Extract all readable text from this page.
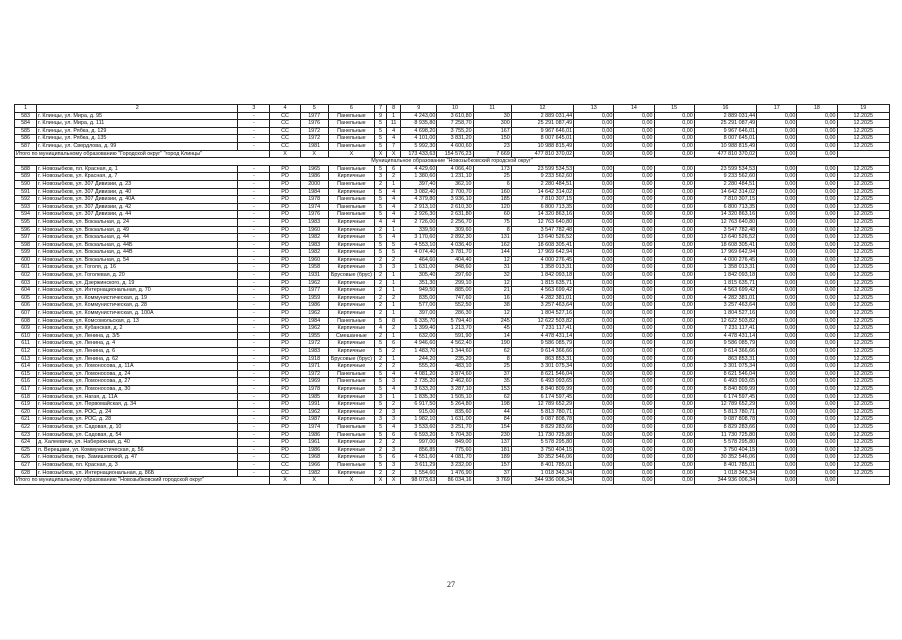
1	2	3	4	5	6	7	8	9	10	11	12	13	14	15	16	17	18	19
583	г. Клинцы, ул. Мира, д. 95	-	СС	1977	Панельные	9	1	4 243,00	3 610,80	30	2 889 031,44	0,00	0,00	0,00	2 889 031,44	0,00	0,00	12.2025
584	г. Клинцы, ул. Мира, д. 111	-	СС	1976	Панельные	5	11	8 935,80	7 258,70	300	25 291 087,49	0,00	0,00	0,00	25 291 087,49	0,00	0,00	12.2025
585	г. Клинцы, ул. Рябка, д. 129	-	СС	1972	Панельные	5	4	4 698,20	3 755,20	167	9 967 646,01	0,00	0,00	0,00	9 967 646,01	0,00	0,00	12.2025
586	г. Клинцы, ул. Рябка, д. 135	-	СС	1972	Панельные	5	4	4 101,00	3 831,20	150	8 007 645,01	0,00	0,00	0,00	8 007 645,01	0,00	0,00	12.2025
587	г. Клинцы, ул. Свердлова, д. 99	-	СС	1981	Панельные	5	7	5 992,30	4 600,60	23	10 988 815,49	0,00	0,00	0,00	10 988 815,49	0,00	0,00	12.2025
Итого по муниципальному образованию "Городской округ" "город Клинцы"			X	X	X	X	X	173 433,63	154 576,23	7 669	477 810 370,02	0,00	0,00	0,00	477 810 370,02	0,00	0,00	
Муниципальное образование "Новозыбковский городской округ"																		
588	г. Новозыбков, пл. Красная, д. 1	-	РО	1965	Панельные	5	6	4 429,60	4 066,40	173	23 599 534,53	0,00	0,00	0,00	23 599 534,53	0,00	0,00	12.2025
589	г. Новозыбков, ул. Красная, д. 7	-	РО	1986	Кирпичные	3	2	1 380,60	1 231,10	25	9 233 562,60	0,00	0,00	0,00	9 233 562,60	0,00	0,00	12.2025
590	г. Новозыбков, ул. 307 Дивизии, д. 23	-	РО	2000	Панельные	2	1	397,40	362,10	6	2 280 484,51	0,00	0,00	0,00	2 280 484,51	0,00	0,00	12.2025
591	г. Новозыбков, ул. 307 Дивизии, д. 40	-	РО	1984	Кирпичные	5	4	3 082,40	2 700,70	160	14 642 314,02	0,00	0,00	0,00	14 642 314,02	0,00	0,00	12.2025
592	г. Новозыбков, ул. 307 Дивизии, д. 40А	-	РО	1978	Панельные	5	4	4 379,80	3 936,10	185	7 810 307,15	0,00	0,00	0,00	7 810 307,15	0,00	0,00	12.2025
593	г. Новозыбков, ул. 307 Дивизии, д. 42	-	РО	1974	Панельные	5	4	2 913,10	2 610,30	120	6 800 713,35	0,00	0,00	0,00	6 800 713,35	0,00	0,00	12.2025
594	г. Новозыбков, ул. 307 Дивизии, д. 44	-	РО	1976	Панельные	5	4	2 926,30	2 631,80	60	14 320 863,16	0,00	0,00	0,00	14 320 863,16	0,00	0,00	12.2025
595	г. Новозыбков, ул. Вокзальная, д. 24	-	РО	1983	Кирпичные	4	4	2 726,00	2 256,70	75	12 763 640,80	0,00	0,00	0,00	12 763 640,80	0,00	0,00	12.2025
596	г. Новозыбков, ул. Вокзальная, д. 49	-	РО	1960	Кирпичные	2	1	339,50	309,60	8	3 547 782,48	0,00	0,00	0,00	3 547 782,48	0,00	0,00	12.2025
597	г. Новозыбков, ул. Вокзальная, д. 44	-	РО	1982	Кирпичные	5	4	3 170,60	2 892,30	131	13 640 526,52	0,00	0,00	0,00	13 640 526,52	0,00	0,00	12.2025
598	г. Новозыбков, ул. Вокзальная, д. 44Б	-	РО	1983	Кирпичные	5	5	4 553,10	4 036,40	162	18 608 305,41	0,00	0,00	0,00	18 608 305,41	0,00	0,00	12.2025
599	г. Новозыбков, ул. Вокзальная, д. 44В	-	РО	1982	Кирпичные	5	5	4 074,40	3 781,70	144	17 969 642,94	0,00	0,00	0,00	17 969 642,94	0,00	0,00	12.2025
600	г. Новозыбков, ул. Вокзальная, д. 54	-	РО	1960	Кирпичные	2	2	464,60	404,40	12	4 000 276,45	0,00	0,00	0,00	4 000 276,45	0,00	0,00	12.2025
601	г. Новозыбков, ул. Гоголя, д. 16	-	РО	1958	Кирпичные	3	3	1 631,00	848,60	31	1 358 013,31	0,00	0,00	0,00	1 358 013,31	0,00	0,00	12.2025
602	г. Новозыбков, ул. Гоголевая, д. 20	-	РО	1931	Брусовые (брус)	2	1	305,40	297,60	32	1 842 093,18	0,00	0,00	0,00	1 842 093,18	0,00	0,00	12.2025
603	г. Новозыбков, ул. Дзержинского, д. 19	-	РО	1962	Кирпичные	2	1	351,30	299,10	12	1 815 635,71	0,00	0,00	0,00	1 815 635,71	0,00	0,00	12.2025
604	г. Новозыбков, ул. Интернациональная, д. 70	-	РО	1977	Кирпичные	2	1	949,50	885,00	21	4 563 699,42	0,00	0,00	0,00	4 563 699,42	0,00	0,00	12.2025
605	г. Новозыбков, ул. Коммунистическая, д. 19	-	РО	1959	Кирпичные	2	2	835,00	747,60	16	4 282 381,01	0,00	0,00	0,00	4 282 381,01	0,00	0,00	12.2025
606	г. Новозыбков, ул. Коммунистическая, д. 28	-	РО	1986	Кирпичные	2	1	577,00	552,50	38	3 257 463,64	0,00	0,00	0,00	3 257 463,64	0,00	0,00	12.2025
607	г. Новозыбков, ул. Коммунистическая, д. 100А	-	РО	1962	Кирпичные	2	1	397,00	286,30	12	1 804 527,16	0,00	0,00	0,00	1 804 527,16	0,00	0,00	12.2025
608	г. Новозыбков, ул. Комсомольская, д. 13	-	РО	1984	Панельные	5	8	6 335,70	5 794,40	245	12 622 503,82	0,00	0,00	0,00	12 622 503,82	0,00	0,00	12.2025
609	г. Новозыбков, ул. Кубанская, д. 2	-	РО	1962	Кирпичные	4	2	1 399,40	1 213,70	45	7 231 117,41	0,00	0,00	0,00	7 231 117,41	0,00	0,00	12.2025
610	г. Новозыбков, ул. Ленина, д. 3/5	-	РО	1955	Смешанные	2	1	632,00	591,90	14	4 478 431,14	0,00	0,00	0,00	4 478 431,14	0,00	0,00	12.2025
611	г. Новозыбков, ул. Ленина, д. 4	-	РО	1972	Кирпичные	5	6	4 946,60	4 562,40	190	9 586 085,79	0,00	0,00	0,00	9 586 085,79	0,00	0,00	12.2025
612	г. Новозыбков, ул. Ленина, д. 6	-	РО	1983	Кирпичные	5	2	1 483,70	1 344,60	62	9 614 366,66	0,00	0,00	0,00	9 614 366,66	0,00	0,00	12.2025
613	г. Новозыбков, ул. Ленина, д. 62	-	РО	1918	Брусовые (брус)	2	1	244,20	235,20	8	863 853,31	0,00	0,00	0,00	863 853,31	0,00	0,00	12.2025
614	г. Новозыбков, ул. Ломоносова, д. 11А	-	РО	1971	Кирпичные	2	2	555,20	483,10	25	3 301 075,34	0,00	0,00	0,00	3 301 075,34	0,00	0,00	12.2025
615	г. Новозыбков, ул. Ломоносова, д. 24	-	РО	1972	Панельные	5	4	4 081,20	3 874,60	37	8 621 546,04	0,00	0,00	0,00	8 621 546,04	0,00	0,00	12.2025
616	г. Новозыбков, ул. Ломоносова, д. 27	-	РО	1969	Панельные	5	3	2 735,20	2 462,60	35	6 493 093,65	0,00	0,00	0,00	6 493 093,65	0,00	0,00	12.2025
617	г. Новозыбков, ул. Ломоносова, д. 30	-	РО	1978	Кирпичные	5	4	3 633,20	3 287,10	153	8 840 809,99	0,00	0,00	0,00	8 840 809,99	0,00	0,00	12.2025
618	г. Новозыбков, ул. Нагая, д. 11А	-	РО	1985	Кирпичные	3	1	1 835,30	1 505,10	62	6 174 597,45	0,00	0,00	0,00	6 174 597,45	0,00	0,00	12.2025
619	г. Новозыбков, ул. Первомайская, д. 34	-	РО	1991	Кирпичные	5	2	6 917,50	5 264,80	198	12 789 652,29	0,00	0,00	0,00	12 789 652,29	0,00	0,00	12.2025
620	г. Новозыбков, ул. РОС, д. 24	-	РО	1962	Кирпичные	2	3	915,00	835,60	44	5 813 780,71	0,00	0,00	0,00	5 813 780,71	0,00	0,00	12.2025
621	г. Новозыбков, ул. РОС, д. 28	-	РО	1987	Кирпичные	3	3	1 982,10	1 631,00	84	9 087 808,78	0,00	0,00	0,00	9 087 808,78	0,00	0,00	12.2025
622	г. Новозыбков, ул. Садовая, д. 10	-	РО	1974	Панельные	5	4	3 533,60	3 251,70	154	8 829 283,66	0,00	0,00	0,00	8 829 283,66	0,00	0,00	12.2025
623	г. Новозыбков, ул. Садовая, д. 54	-	РО	1986	Панельные	5	6	6 593,20	5 704,30	230	11 730 725,80	0,00	0,00	0,00	11 730 725,80	0,00	0,00	12.2025
624	д. Халеевичи, ул. Набережная, д. 40	-	РО	1961	Кирпичные	2	2	997,00	849,00	137	5 578 295,80	0,00	0,00	0,00	5 578 295,80	0,00	0,00	12.2025
625	п. Верещаки, ул. Коммунистическая, д. 56	-	РО	1986	Кирпичные	2	3	856,85	775,60	181	3 750 404,15	0,00	0,00	0,00	3 750 404,15	0,00	0,00	12.2025
626	г. Новозыбков, пер. Замишевский, д. 47	-	СС	1968	Кирпичные	5	6	4 551,60	4 081,70	189	30 352 546,06	0,00	0,00	0,00	30 352 546,06	0,00	0,00	12.2025
627	г. Новозыбков, пл. Красная, д. 3	-	СС	1966	Панельные	5	3	3 611,29	3 232,00	157	8 401 785,01	0,00	0,00	0,00	8 401 785,01	0,00	0,00	12.2025
628	г. Новозыбков, ул. Интернациональная, д. 86Б	-	СС	1982	Кирпичные	2	2	1 554,60	1 476,90	37	1 018 343,34	0,00	0,00	0,00	1 018 343,34	0,00	0,00	12.2025
Итого по муниципальному образованию "Новозыбковский городской округ"			X	X	X	X	X	98 073,63	86 034,16	3 769	344 936 006,34	0,00	0,00	0,00	344 936 006,34	0,00	0,00	
27
